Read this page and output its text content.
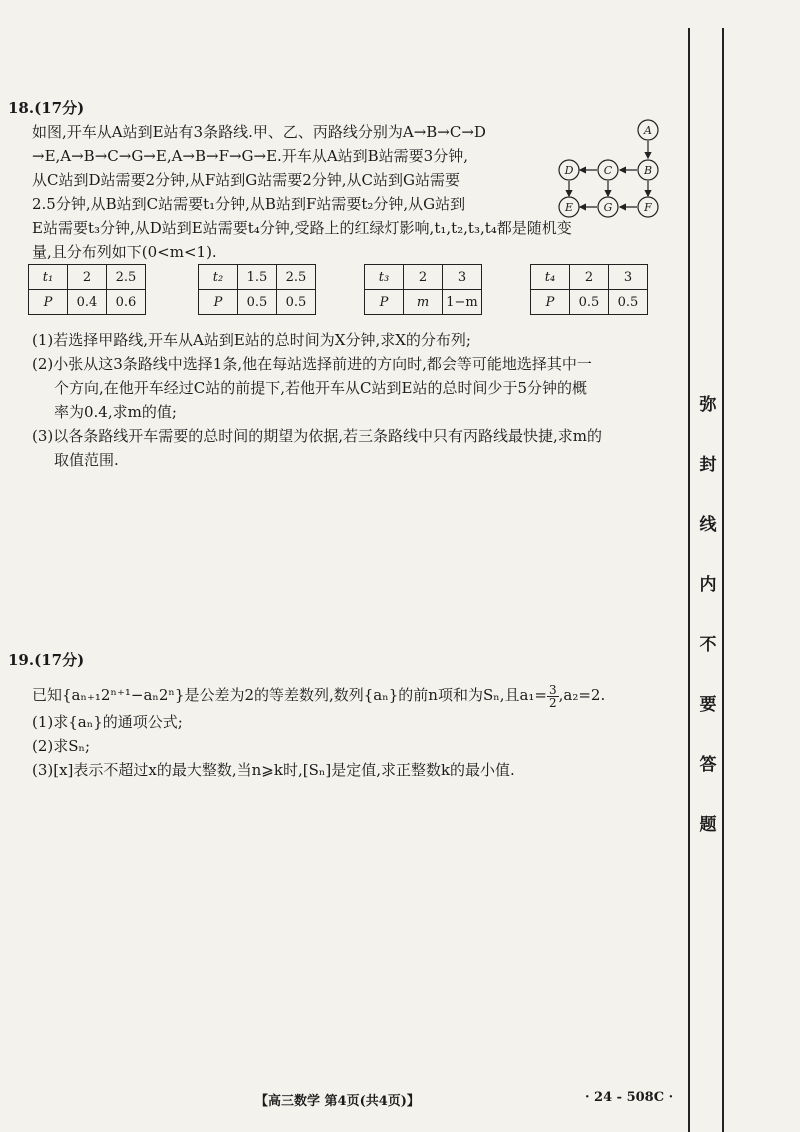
18.(17分)
如图,开车从A站到E站有3条路线.甲、乙、丙路线分别为A→B→C→D
→E,A→B→C→G→E,A→B→F→G→E.开车从A站到B站需要3分钟,
从C站到D站需要2分钟,从F站到G站需要2分钟,从C站到G站需要
2.5分钟,从B站到C站需要t₁分钟,从B站到F站需要t₂分钟,从G站到
E站需要t₃分钟,从D站到E站需要t₄分钟,受路上的红绿灯影响,t₁,t₂,t₃,t₄都是随机变
量,且分布列如下(0<m<1).
A
B
C
D
E	G	F
t₁	2	2.5
P	0.4	0.6
t₂	1.5	2.5
P	0.5	0.5
t₃	2	3
P	m	1−m
t₄	2	3
P	0.5	0.5
(1)若选择甲路线,开车从A站到E站的总时间为X分钟,求X的分布列;
(2)小张从这3条路线中选择1条,他在每站选择前进的方向时,都会等可能地选择其中一
个方向,在他开车经过C站的前提下,若他开车从C站到E站的总时间少于5分钟的概
率为0.4,求m的值;
(3)以各条路线开车需要的总时间的期望为依据,若三条路线中只有丙路线最快捷,求m的
取值范围.
19.(17分)
已知{aₙ₊₁2ⁿ⁺¹−aₙ2ⁿ}是公差为2的等差数列,数列{aₙ}的前n项和为Sₙ,且$a_1= \frac{3}{2} ,a_2=2$.
(1)求{aₙ}的通项公式;
(2)求Sₙ;
(3)[x]表示不超过x的最大整数,当n⩾k时,[Sₙ]是定值,求正整数k的最小值.
【高三数学 第4页(共4页)】	· 24 - 508C ·
弥
封
线
内
不
要
答
题
